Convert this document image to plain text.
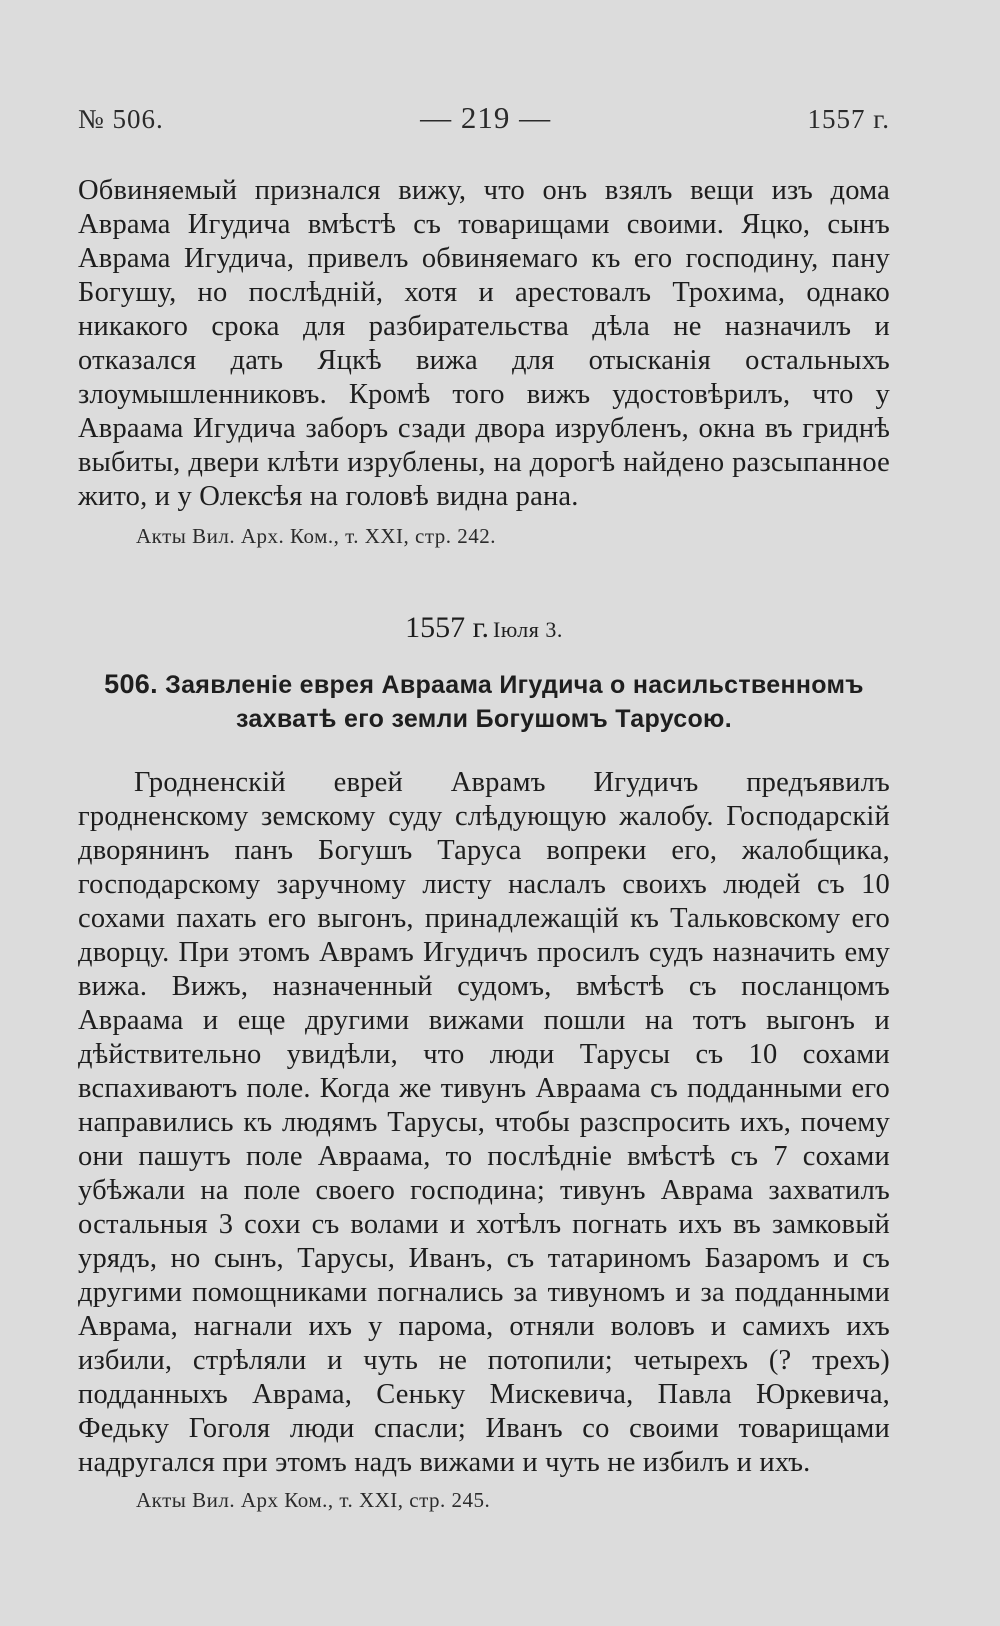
№ 506.	— 219 —	1557 г.
Обвиняемый признался вижу, что онъ взялъ вещи изъ дома Аврама Игудича вмѣстѣ съ товарищами своими. Яцко, сынъ Аврама Игудича, привелъ обвиняемаго къ его господину, пану Богушу, но послѣднiй, хотя и арестовалъ Трохима, однако никакого срока для разбирательства дѣла не назначилъ и отказался дать Яцкѣ вижа для отысканiя остальныхъ злоумышленниковъ. Кромѣ того вижъ удостовѣрилъ, что у Авраама Игудича заборъ сзади двора изрубленъ, окна въ гриднѣ выбиты, двери клѣти изрублены, на дорогѣ найдено разсыпанное жито, и у Олексѣя на головѣ видна рана.
Акты Вил. Арх. Ком., т. XXI, стр. 242.
1557 г. Iюля 3.
506. Заявленiе еврея Авраама Игудича о насильственномъ захватѣ его земли Богушомъ Тарусою.
Гродненскiй еврей Аврамъ Игудичъ предъявилъ гродненскому земскому суду слѣдующую жалобу. Господарскiй дворянинъ панъ Богушъ Таруса вопреки его, жалобщика, господарскому заручному листу наслалъ своихъ людей съ 10 сохами пахать его выгонъ, принадлежащiй къ Тальковскому его дворцу. При этомъ Аврамъ Игудичъ просилъ судъ назначить ему вижа. Вижъ, назначенный судомъ, вмѣстѣ съ посланцомъ Авраама и еще другими вижами пошли на тотъ выгонъ и дѣйствительно увидѣли, что люди Тарусы съ 10 сохами вспахиваютъ поле. Когда же тивунъ Авраама съ подданными его направились къ людямъ Тарусы, чтобы разспросить ихъ, почему они пашутъ поле Авраама, то послѣднiе вмѣстѣ съ 7 сохами убѣжали на поле своего господина; тивунъ Аврама захватилъ остальныя 3 сохи съ волами и хотѣлъ погнать ихъ въ замковый урядъ, но сынъ, Тарусы, Иванъ, съ татариномъ Базаромъ и съ другими помощниками погнались за тивуномъ и за подданными Аврама, нагнали ихъ у парома, отняли воловъ и самихъ ихъ избили, стрѣляли и чуть не потопили; четырехъ (? трехъ) подданныхъ Аврама, Сеньку Мискевича, Павла Юркевича, Федьку Гоголя люди спасли; Иванъ со своими товарищами надругался при этомъ надъ вижами и чуть не избилъ и ихъ.
Акты Вил. Арх Ком., т. XXI, стр. 245.
